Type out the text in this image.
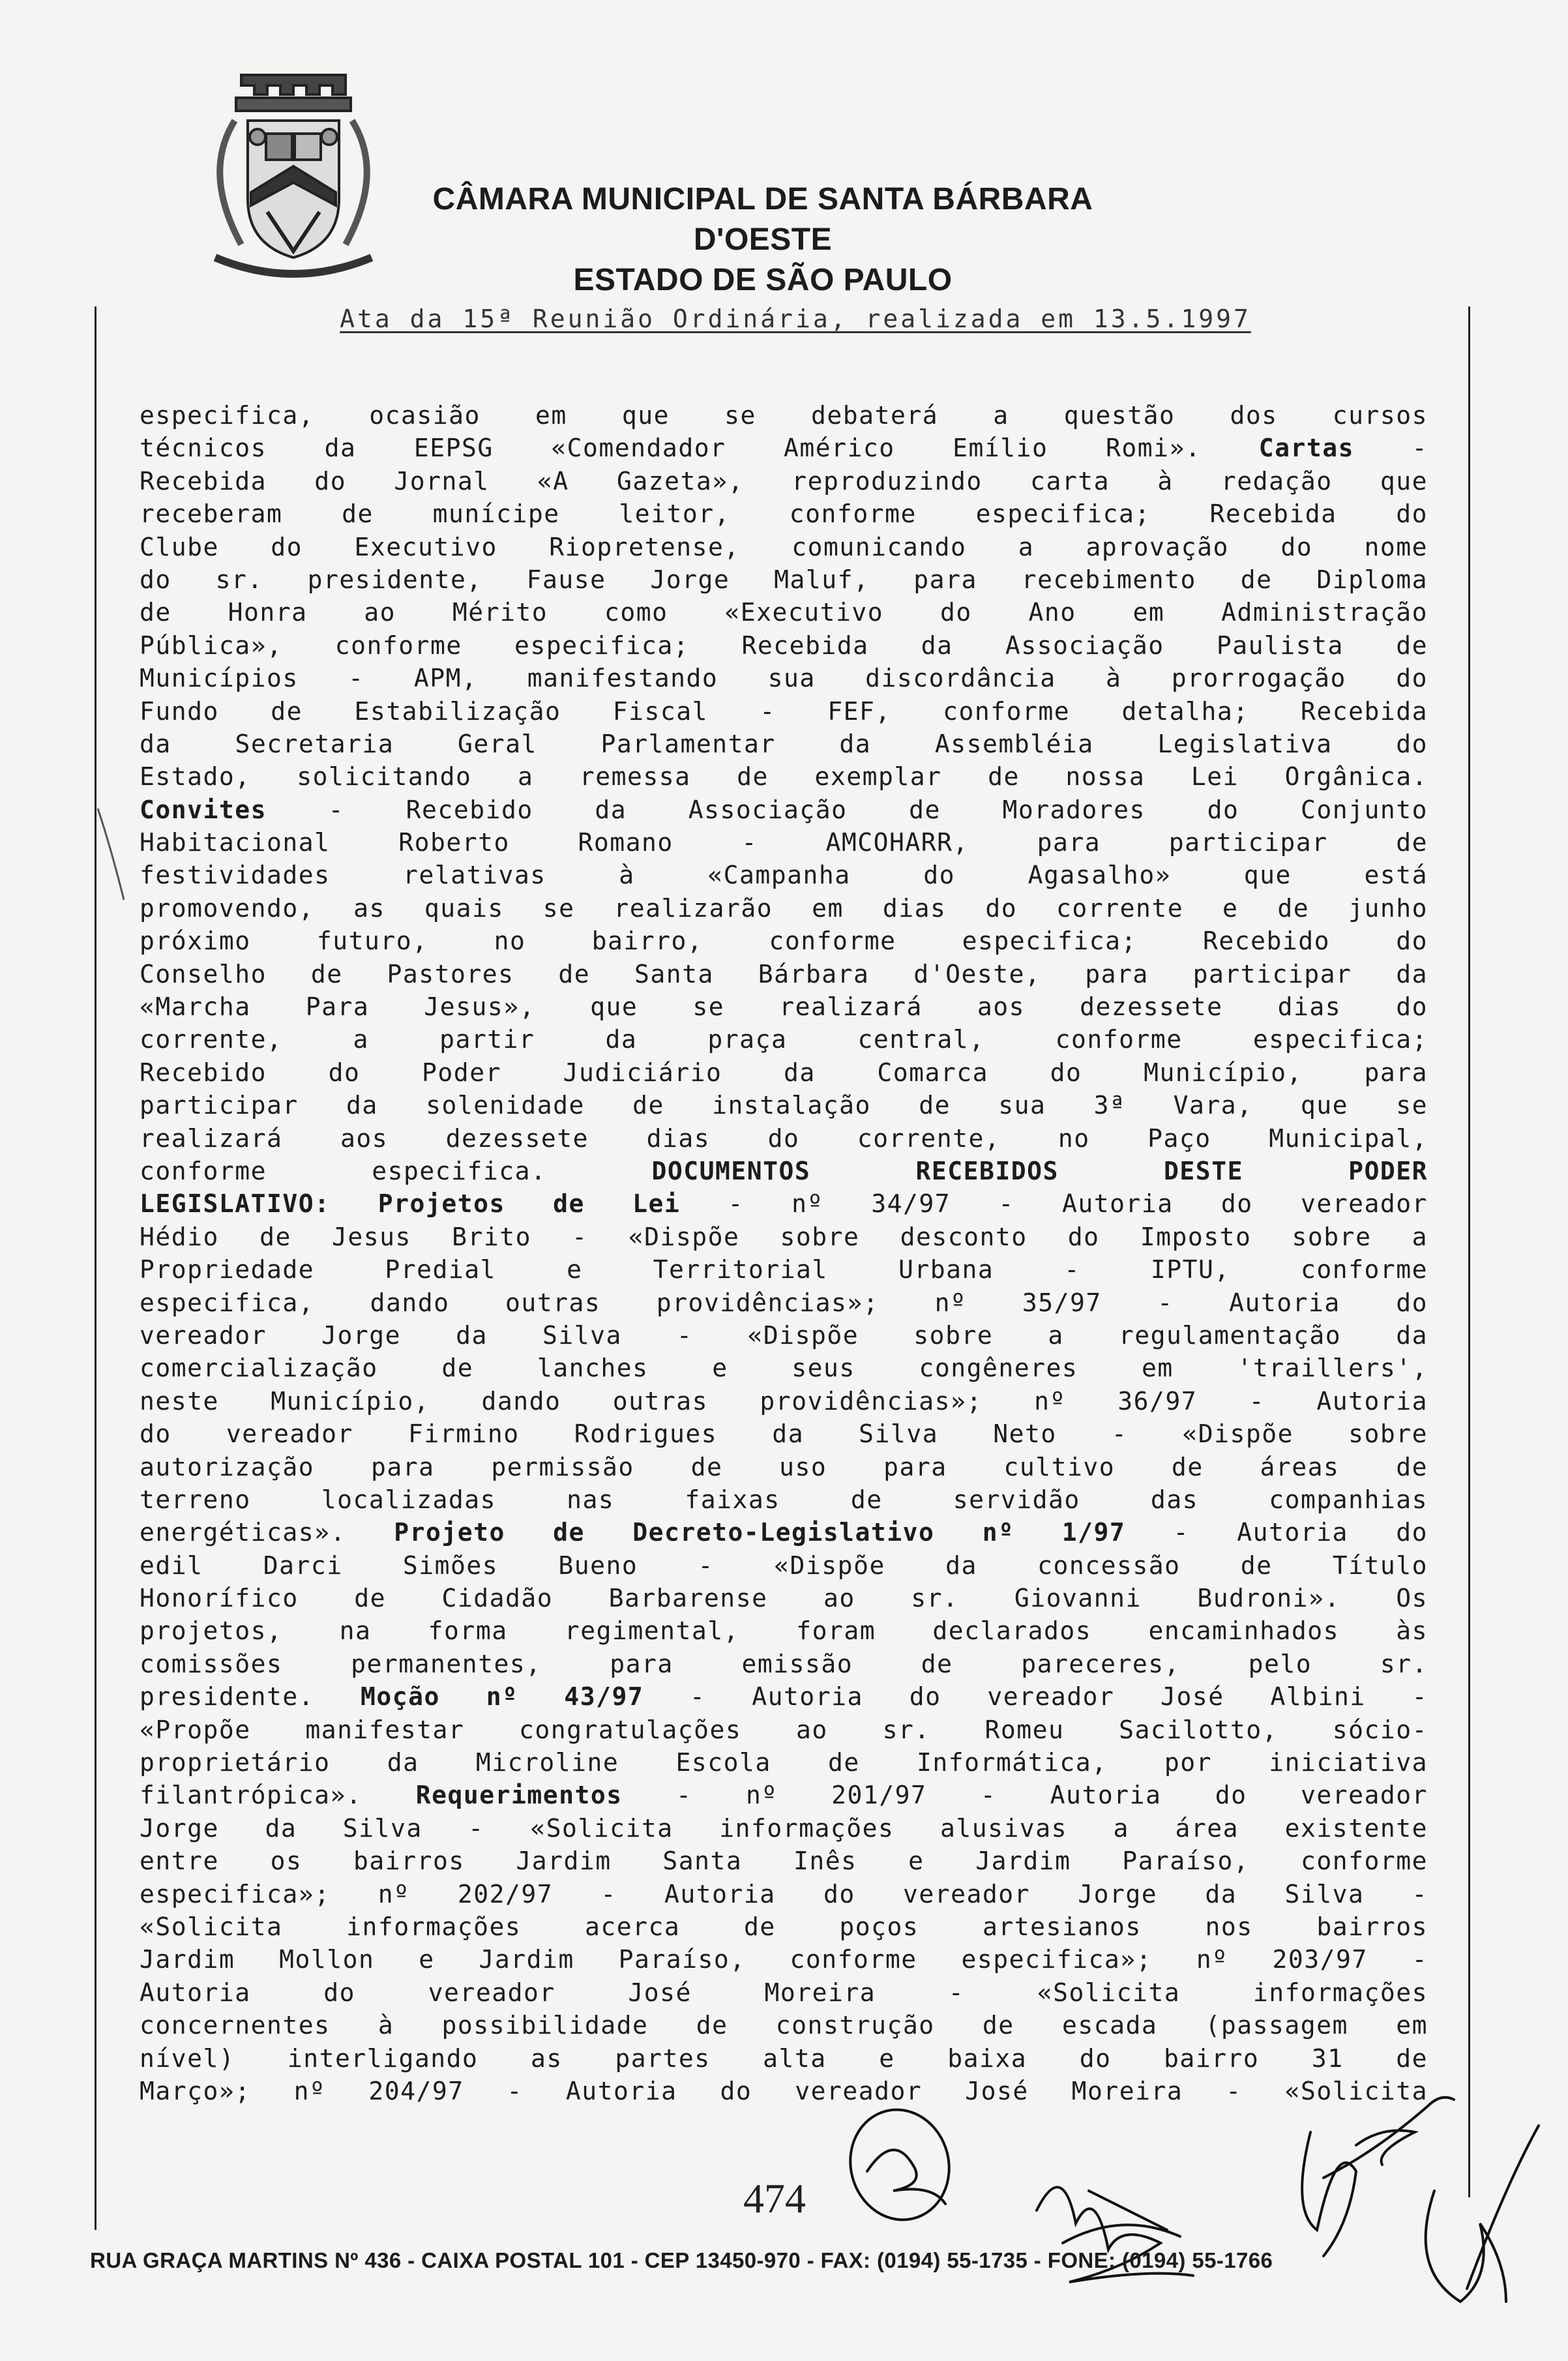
CÂMARA MUNICIPAL DE SANTA BÁRBARA D'OESTE
ESTADO DE SÃO PAULO
Ata da 15ª Reunião Ordinária, realizada em 13.5.1997
especifica, ocasião em que se debaterá a questão dos cursos
técnicos da EEPSG «Comendador Américo Emílio Romi». Cartas -
Recebida do Jornal «A Gazeta», reproduzindo carta à redação que
receberam de munícipe leitor, conforme especifica; Recebida do
Clube do Executivo Riopretense, comunicando a aprovação do nome
do sr. presidente, Fause Jorge Maluf, para recebimento de Diploma
de Honra ao Mérito como «Executivo do Ano em Administração
Pública», conforme especifica; Recebida da Associação Paulista de
Municípios - APM, manifestando sua discordância à prorrogação do
Fundo de Estabilização Fiscal - FEF, conforme detalha; Recebida
da Secretaria Geral Parlamentar da Assembléia Legislativa do
Estado, solicitando a remessa de exemplar de nossa Lei Orgânica.
Convites - Recebido da Associação de Moradores do Conjunto
Habitacional Roberto Romano - AMCOHARR, para participar de
festividades relativas à «Campanha do Agasalho» que está
promovendo, as quais se realizarão em dias do corrente e de junho
próximo futuro, no bairro, conforme especifica; Recebido do
Conselho de Pastores de Santa Bárbara d'Oeste, para participar da
«Marcha Para Jesus», que se realizará aos dezessete dias do
corrente, a partir da praça central, conforme especifica;
Recebido do Poder Judiciário da Comarca do Município, para
participar da solenidade de instalação de sua 3ª Vara, que se
realizará aos dezessete dias do corrente, no Paço Municipal,
conforme especifica. DOCUMENTOS RECEBIDOS DESTE PODER
LEGISLATIVO: Projetos de Lei - nº 34/97 - Autoria do vereador
Hédio de Jesus Brito - «Dispõe sobre desconto do Imposto sobre a
Propriedade Predial e Territorial Urbana - IPTU, conforme
especifica, dando outras providências»; nº 35/97 - Autoria do
vereador Jorge da Silva - «Dispõe sobre a regulamentação da
comercialização de lanches e seus congêneres em 'traillers',
neste Município, dando outras providências»; nº 36/97 - Autoria
do vereador Firmino Rodrigues da Silva Neto - «Dispõe sobre
autorização para permissão de uso para cultivo de áreas de
terreno localizadas nas faixas de servidão das companhias
energéticas». Projeto de Decreto-Legislativo nº 1/97 - Autoria do
edil Darci Simões Bueno - «Dispõe da concessão de Título
Honorífico de Cidadão Barbarense ao sr. Giovanni Budroni». Os
projetos, na forma regimental, foram declarados encaminhados às
comissões permanentes, para emissão de pareceres, pelo sr.
presidente. Moção nº 43/97 - Autoria do vereador José Albini -
«Propõe manifestar congratulações ao sr. Romeu Sacilotto, sócio-
proprietário da Microline Escola de Informática, por iniciativa
filantrópica». Requerimentos - nº 201/97 - Autoria do vereador
Jorge da Silva - «Solicita informações alusivas a área existente
entre os bairros Jardim Santa Inês e Jardim Paraíso, conforme
especifica»; nº 202/97 - Autoria do vereador Jorge da Silva -
«Solicita informações acerca de poços artesianos nos bairros
Jardim Mollon e Jardim Paraíso, conforme especifica»; nº 203/97 -
Autoria do vereador José Moreira - «Solicita informações
concernentes à possibilidade de construção de escada (passagem em
nível) interligando as partes alta e baixa do bairro 31 de
Março»; nº 204/97 - Autoria do vereador José Moreira - «Solicita
474
RUA GRAÇA MARTINS Nº 436 - CAIXA POSTAL 101 - CEP 13450-970 - FAX: (0194) 55-1735 - FONE: (0194) 55-1766
